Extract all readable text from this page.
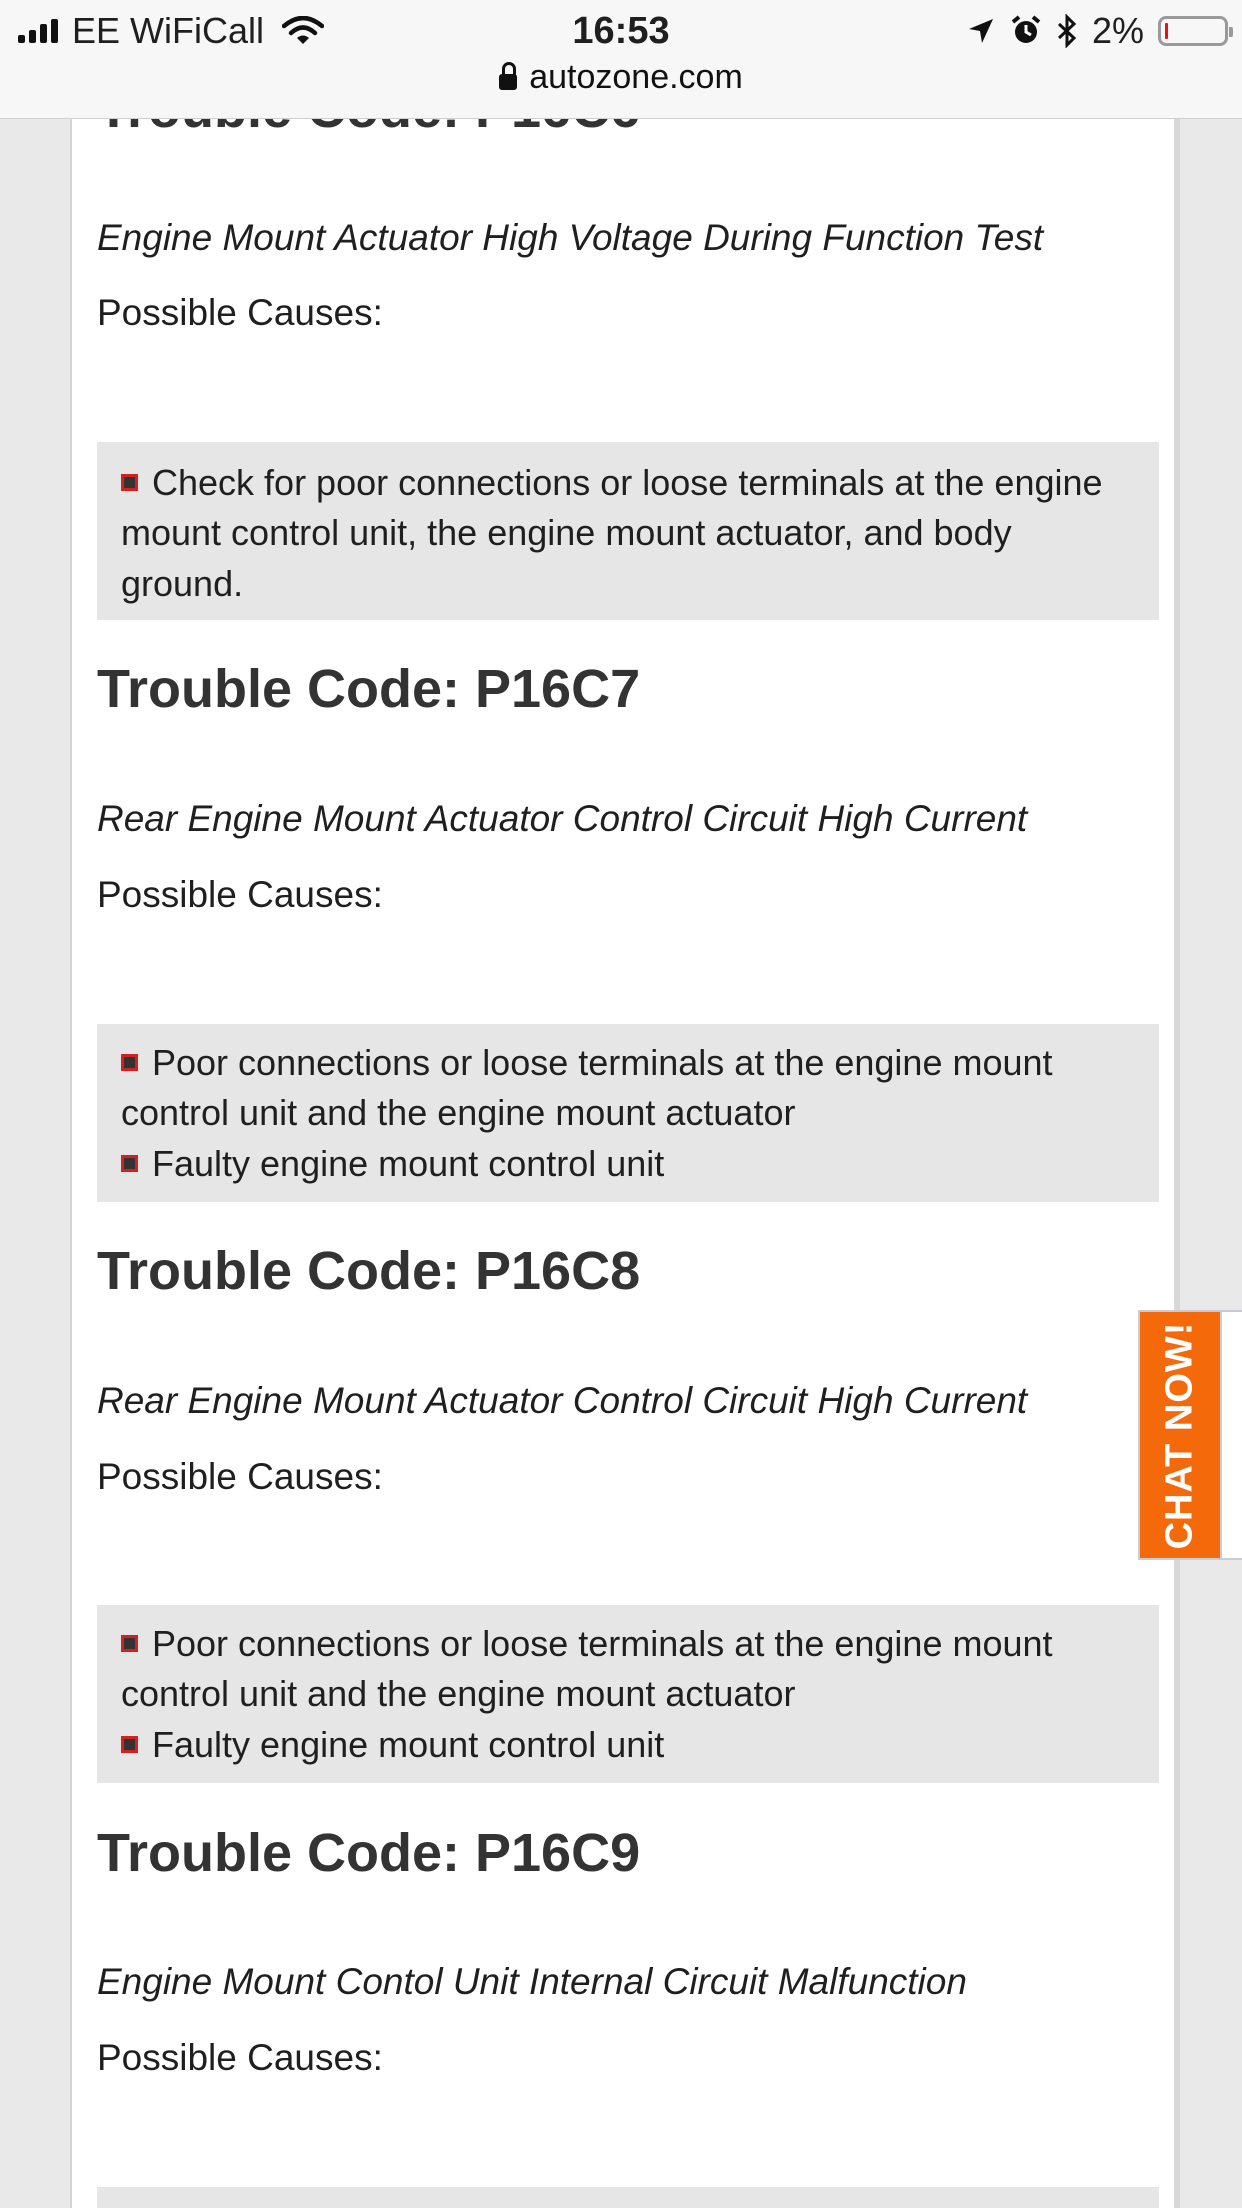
EE WiFiCall	16:53	2%
autozone.com

Engine Mount Actuator High Voltage During Function Test

Possible Causes:

Check for poor connections or loose terminals at the engine mount control unit, the engine mount actuator, and body ground.
Trouble Code: P16C7

Rear Engine Mount Actuator Control Circuit High Current

Possible Causes:

Poor connections or loose terminals at the engine mount control unit and the engine mount actuator
Faulty engine mount control unit
Trouble Code: P16C8

Rear Engine Mount Actuator Control Circuit High Current

Possible Causes:

Poor connections or loose terminals at the engine mount control unit and the engine mount actuator
Faulty engine mount control unit
Trouble Code: P16C9

Engine Mount Contol Unit Internal Circuit Malfunction

Possible Causes:

CHAT NOW!
